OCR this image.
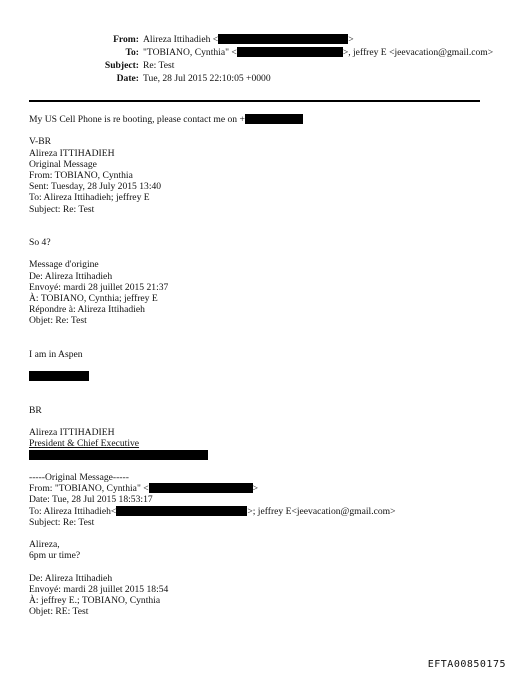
From: Alireza Ittihadieh <	>
To: "TOBIANO, Cynthia" <	>, jeffrey E <jeevacation@gmail.com>
Subject: Re: Test
Date: Tue, 28 Jul 2015 22:10:05 +0000
My US Cell Phone is re booting, please contact me on +
V-BR
Alireza ITTIHADIEH
Original Message
From: TOBIANO, Cynthia
Sent: Tuesday, 28 July 2015 13:40
To: Alireza Ittihadieh; jeffrey E
Subject: Re: Test
So 4?
Message d'origine
De: Alireza Ittihadieh
Envoyé: mardi 28 juillet 2015 21:37
À: TOBIANO, Cynthia; jeffrey E
Répondre à: Alireza Ittihadieh
Objet: Re: Test
I am in Aspen
BR
Alireza ITTIHADIEH
President & Chief Executive
-----Original Message-----
From: "TOBIANO, Cynthia" <	>
Date: Tue, 28 Jul 2015 18:53:17
To: Alireza Ittihadieh<	>; jeffrey E<jeevacation@gmail.com>
Subject: Re: Test
Alireza,
6pm ur time?
De: Alireza Ittihadieh
Envoyé: mardi 28 juillet 2015 18:54
À: jeffrey E.; TOBIANO, Cynthia
Objet: RE: Test
EFTA00850175
